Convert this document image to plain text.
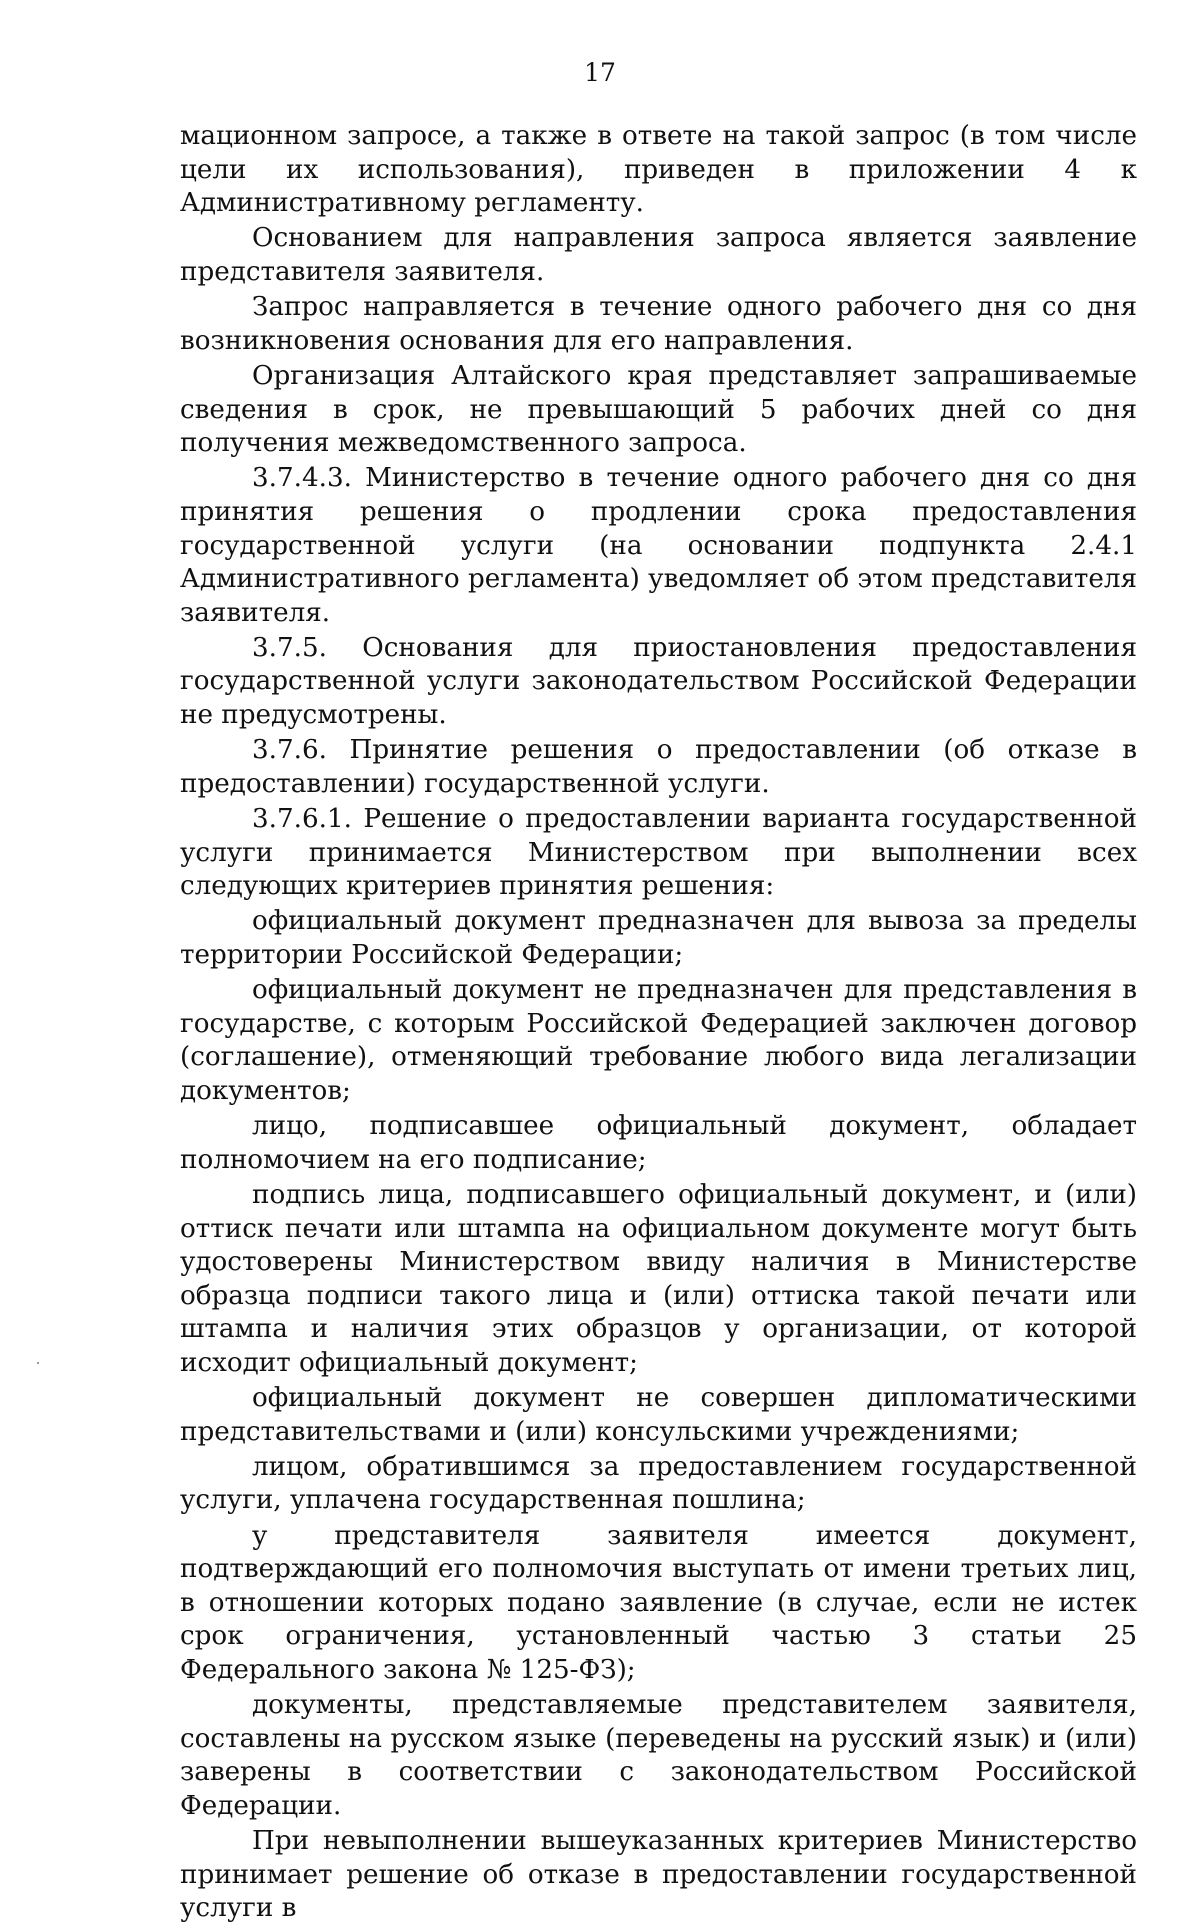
17

мационном запросе, а также в ответе на такой запрос (в том числе цели их использования), приведен в приложении 4 к Административному регламенту.

Основанием для направления запроса является заявление представителя заявителя.

Запрос направляется в течение одного рабочего дня со дня возникновения основания для его направления.

Организация Алтайского края представляет запрашиваемые сведения в срок, не превышающий 5 рабочих дней со дня получения межведомственного запроса.

3.7.4.3. Министерство в течение одного рабочего дня со дня принятия решения о продлении срока предоставления государственной услуги (на основании подпункта 2.4.1 Административного регламента) уведомляет об этом представителя заявителя.

3.7.5. Основания для приостановления предоставления государственной услуги законодательством Российской Федерации не предусмотрены.

3.7.6. Принятие решения о предоставлении (об отказе в предоставлении) государственной услуги.

3.7.6.1. Решение о предоставлении варианта государственной услуги принимается Министерством при выполнении всех следующих критериев принятия решения:

официальный документ предназначен для вывоза за пределы территории Российской Федерации;

официальный документ не предназначен для представления в государстве, с которым Российской Федерацией заключен договор (соглашение), отменяющий требование любого вида легализации документов;

лицо, подписавшее официальный документ, обладает полномочием на его подписание;

подпись лица, подписавшего официальный документ, и (или) оттиск печати или штампа на официальном документе могут быть удостоверены Министерством ввиду наличия в Министерстве образца подписи такого лица и (или) оттиска такой печати или штампа и наличия этих образцов у организации, от которой исходит официальный документ;

официальный документ не совершен дипломатическими представительствами и (или) консульскими учреждениями;

лицом, обратившимся за предоставлением государственной услуги, уплачена государственная пошлина;

у представителя заявителя имеется документ, подтверждающий его полномочия выступать от имени третьих лиц, в отношении которых подано заявление (в случае, если не истек срок ограничения, установленный частью 3 статьи 25 Федерального закона № 125-ФЗ);

документы, представляемые представителем заявителя, составлены на русском языке (переведены на русский язык) и (или) заверены в соответствии с законодательством Российской Федерации.

При невыполнении вышеуказанных критериев Министерство принимает решение об отказе в предоставлении государственной услуги в
